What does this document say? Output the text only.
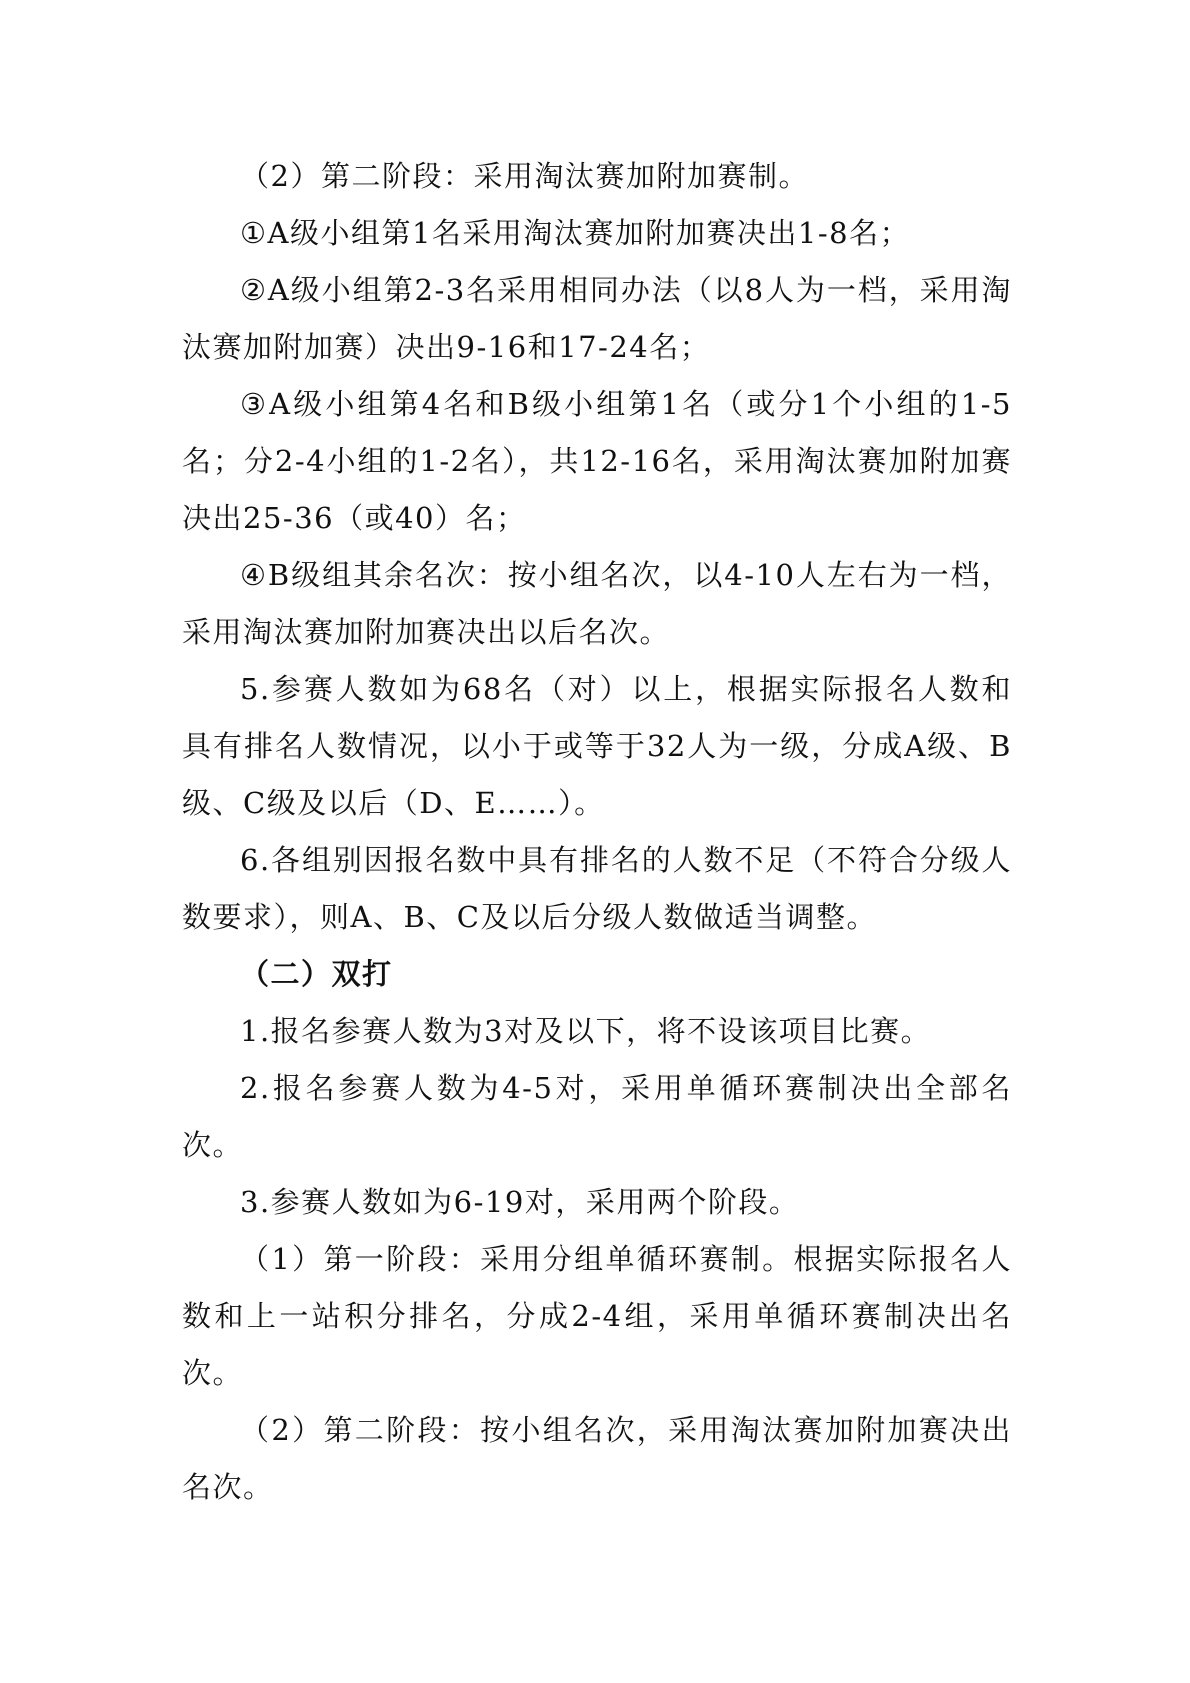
（2）第二阶段：采用淘汰赛加附加赛制。

①A级小组第1名采用淘汰赛加附加赛决出1-8名；

②A级小组第2-3名采用相同办法（以8人为一档，采用淘汰赛加附加赛）决出9-16和17-24名；

③A级小组第4名和B级小组第1名（或分1个小组的1-5名；分2-4小组的1-2名），共12-16名，采用淘汰赛加附加赛决出25-36（或40）名；

④B级组其余名次：按小组名次，以4-10人左右为一档，采用淘汰赛加附加赛决出以后名次。

5.参赛人数如为68名（对）以上，根据实际报名人数和具有排名人数情况，以小于或等于32人为一级，分成A级、B级、C级及以后（D、E……）。

6.各组别因报名数中具有排名的人数不足（不符合分级人数要求），则A、B、C及以后分级人数做适当调整。

（二）双打

1.报名参赛人数为3对及以下，将不设该项目比赛。

2.报名参赛人数为4-5对，采用单循环赛制决出全部名次。

3.参赛人数如为6-19对，采用两个阶段。

（1）第一阶段：采用分组单循环赛制。根据实际报名人数和上一站积分排名，分成2-4组，采用单循环赛制决出名次。

（2）第二阶段：按小组名次，采用淘汰赛加附加赛决出名次。
